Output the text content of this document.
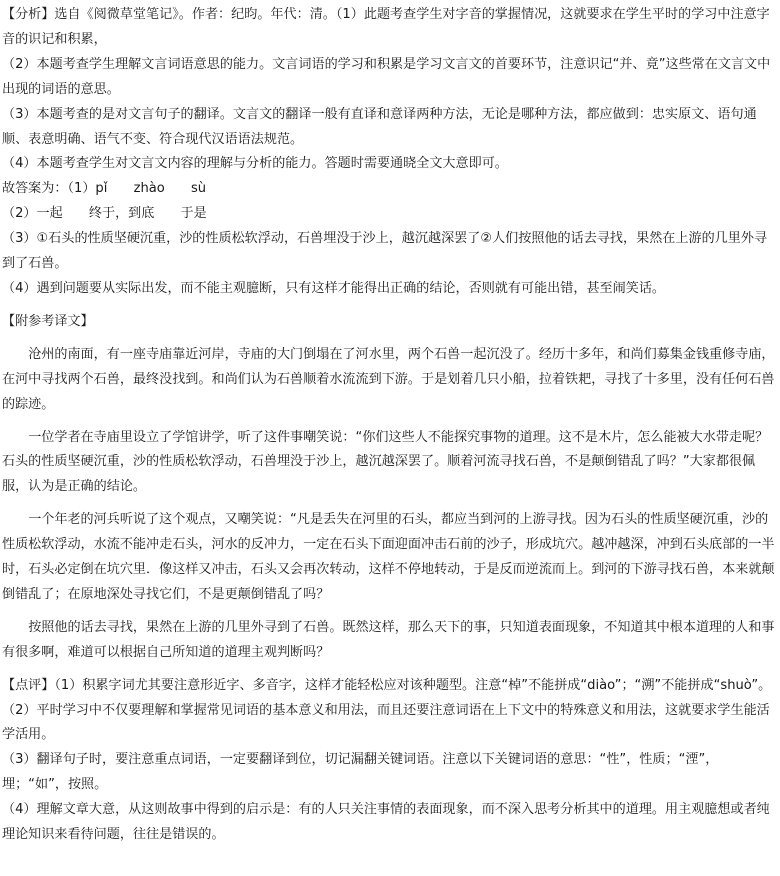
【分析】选自《阅微草堂笔记》。作者：纪昀。年代：清。（1）此题考查学生对字音的掌握情况，这就要求在学生平时的学习中注意字音的识记和积累，

（2）本题考查学生理解文言词语意思的能力。文言词语的学习和积累是学习文言文的首要环节，注意识记“并、竟”这些常在文言文中出现的词语的意思。

（3）本题考查的是对文言句子的翻译。文言文的翻译一般有直译和意译两种方法，无论是哪种方法，都应做到：忠实原文、语句通顺、表意明确、语气不变、符合现代汉语语法规范。

（4）本题考查学生对文言文内容的理解与分析的能力。答题时需要通晓全文大意即可。

故答案为：（1）pǐ　　zhào　　sù

（2）一起　　终于，到底　　于是

（3）①石头的性质坚硬沉重，沙的性质松软浮动，石兽埋没于沙上，越沉越深罢了②人们按照他的话去寻找，果然在上游的几里外寻到了石兽。

（4）遇到问题要从实际出发，而不能主观臆断，只有这样才能得出正确的结论，否则就有可能出错，甚至闹笑话。

【附参考译文】

沧州的南面，有一座寺庙靠近河岸，寺庙的大门倒塌在了河水里，两个石兽一起沉没了。经历十多年，和尚们募集金钱重修寺庙，在河中寻找两个石兽，最终没找到。和尚们认为石兽顺着水流流到下游。于是划着几只小船，拉着铁耙，寻找了十多里，没有任何石兽的踪迹。

一位学者在寺庙里设立了学馆讲学，听了这件事嘲笑说：“你们这些人不能探究事物的道理。这不是木片，怎么能被大水带走呢？石头的性质坚硬沉重，沙的性质松软浮动，石兽埋没于沙上，越沉越深罢了。顺着河流寻找石兽，不是颠倒错乱了吗？”大家都很佩服，认为是正确的结论。

一个年老的河兵听说了这个观点，又嘲笑说：“凡是丢失在河里的石头，都应当到河的上游寻找。因为石头的性质坚硬沉重，沙的性质松软浮动，水流不能冲走石头，河水的反冲力，一定在石头下面迎面冲击石前的沙子，形成坑穴。越冲越深，冲到石头底部的一半时，石头必定倒在坑穴里．像这样又冲击，石头又会再次转动，这样不停地转动，于是反而逆流而上。到河的下游寻找石兽，本来就颠倒错乱了；在原地深处寻找它们，不是更颠倒错乱了吗？

按照他的话去寻找，果然在上游的几里外寻到了石兽。既然这样，那么天下的事，只知道表面现象，不知道其中根本道理的人和事有很多啊，难道可以根据自己所知道的道理主观判断吗？

【点评】（1）积累字词尤其要注意形近字、多音字，这样才能轻松应对该种题型。注意“棹”不能拼成“diào”；“溯”不能拼成“shuò”。

（2）平时学习中不仅要理解和掌握常见词语的基本意义和用法，而且还要注意词语在上下文中的特殊意义和用法，这就要求学生能活学活用。

（3）翻译句子时，要注意重点词语，一定要翻译到位，切记漏翻关键词语。注意以下关键词语的意思：“性”，性质；“湮”，埋；“如”，按照。

（4）理解文章大意，从这则故事中得到的启示是：有的人只关注事情的表面现象，而不深入思考分析其中的道理。用主观臆想或者纯理论知识来看待问题，往往是错误的。
